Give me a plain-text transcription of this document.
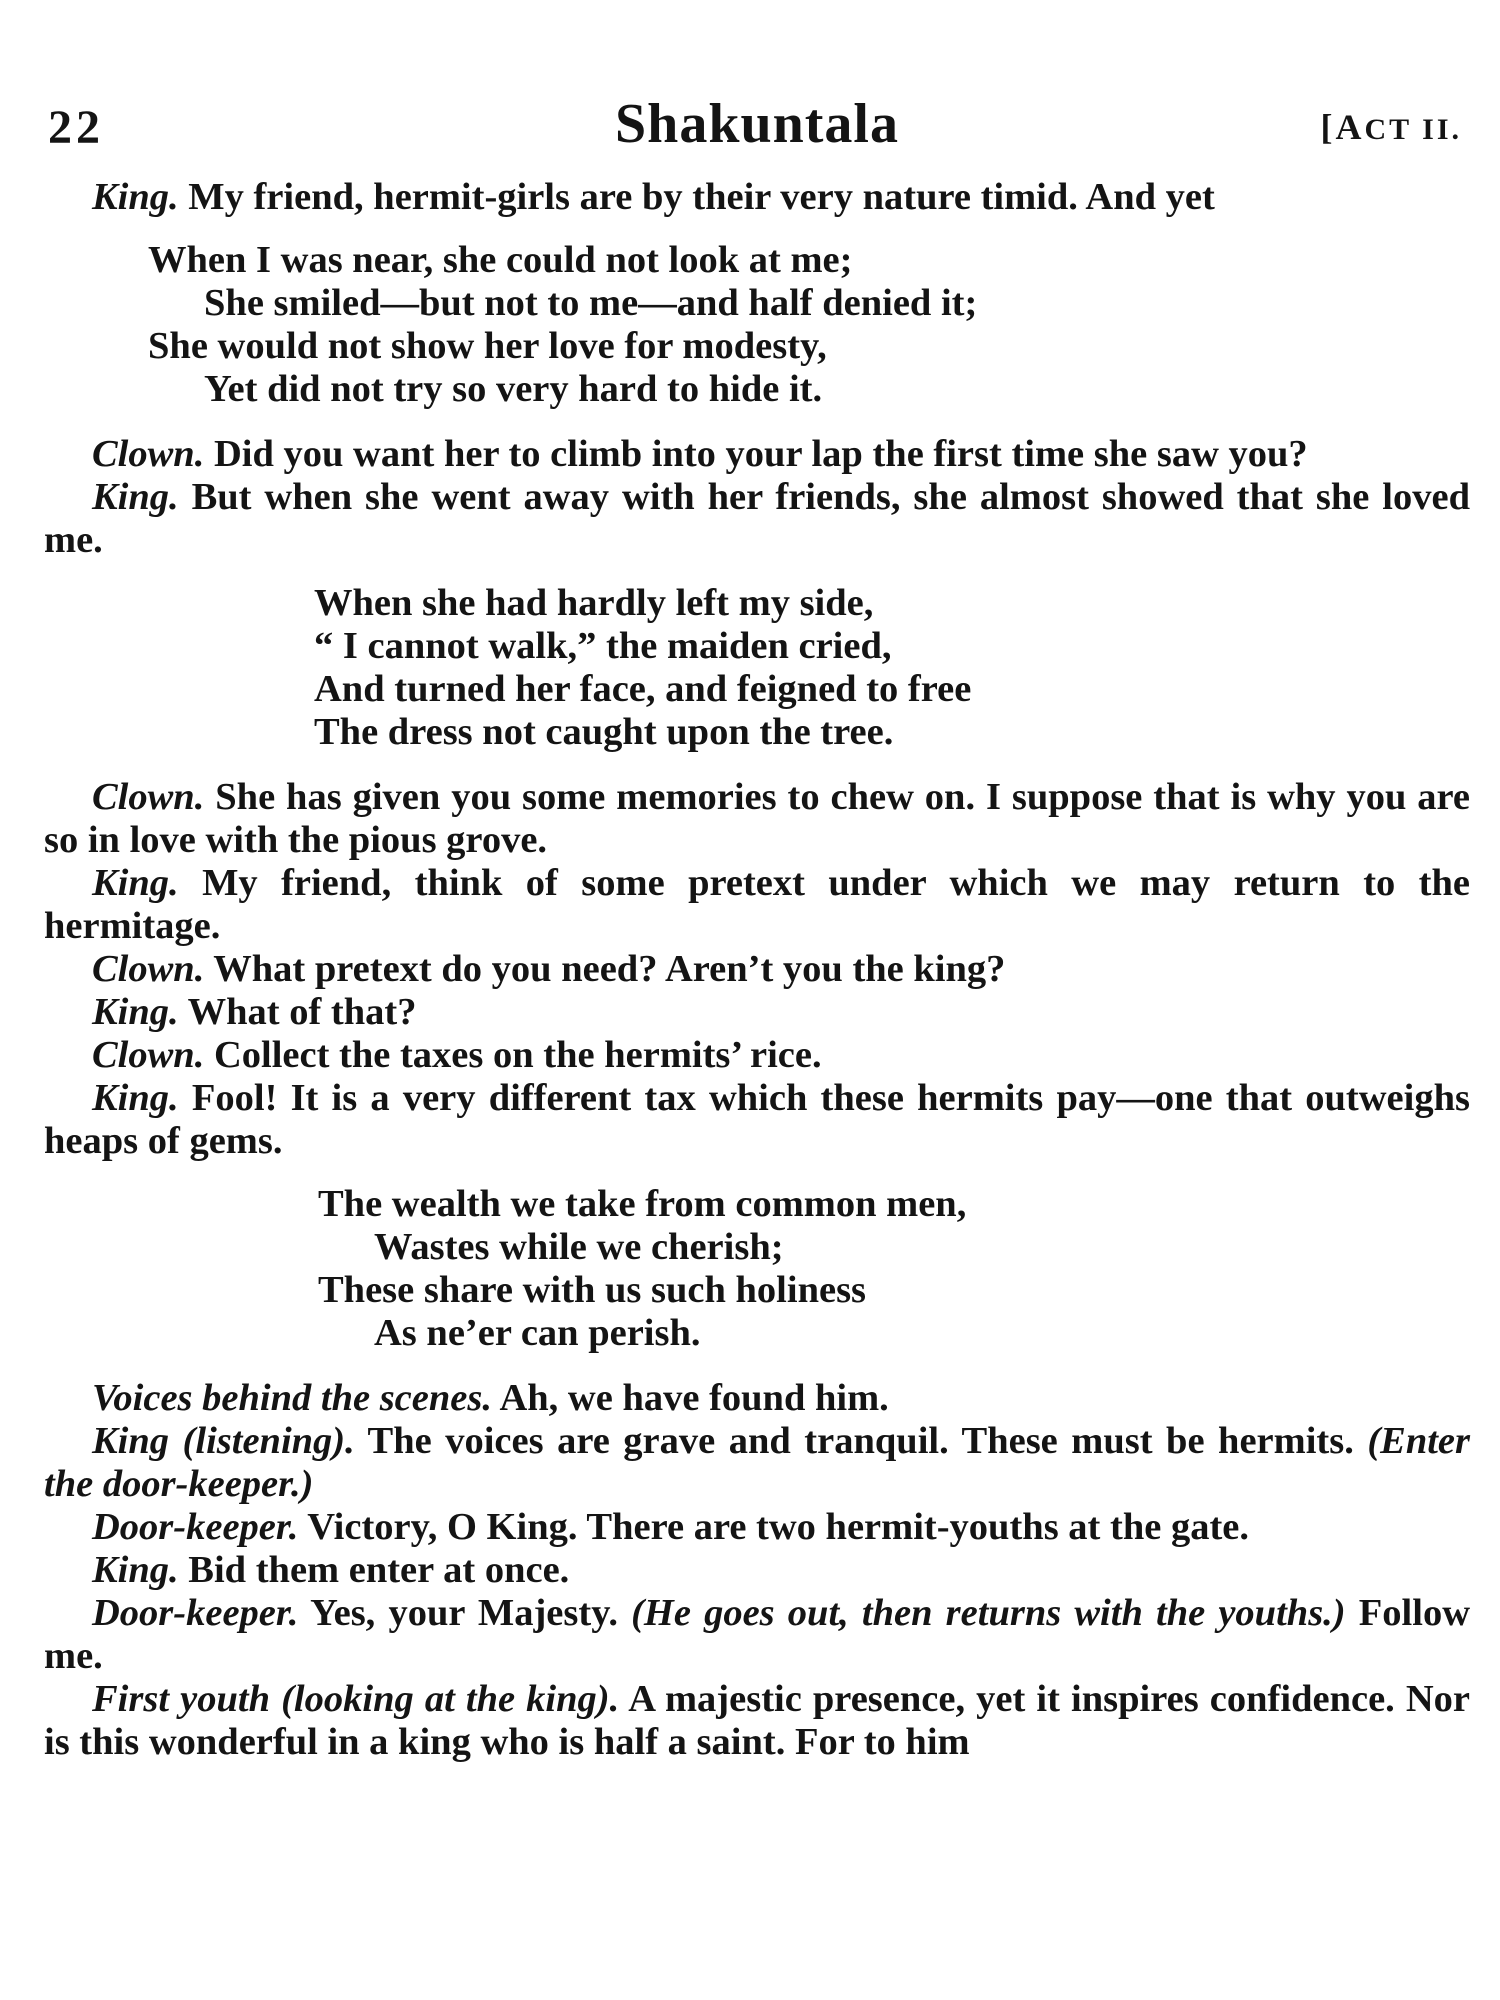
22	Shakuntala	[ACT II.

King. My friend, hermit-girls are by their very nature timid. And yet

When I was near, she could not look at me;
She smiled—but not to me—and half denied it;
She would not show her love for modesty,
Yet did not try so very hard to hide it.

Clown. Did you want her to climb into your lap the first time she saw you?

King. But when she went away with her friends, she almost showed that she loved me.

When she had hardly left my side,
“ I cannot walk,” the maiden cried,
And turned her face, and feigned to free
The dress not caught upon the tree.

Clown. She has given you some memories to chew on. I suppose that is why you are so in love with the pious grove.

King. My friend, think of some pretext under which we may return to the hermitage.

Clown. What pretext do you need? Aren’t you the king?

King. What of that?

Clown. Collect the taxes on the hermits’ rice.

King. Fool! It is a very different tax which these hermits pay—one that outweighs heaps of gems.

The wealth we take from common men,
Wastes while we cherish;
These share with us such holiness
As ne’er can perish.

Voices behind the scenes. Ah, we have found him.

King (listening). The voices are grave and tranquil. These must be hermits. (Enter the door-keeper.)

Door-keeper. Victory, O King. There are two hermit-youths at the gate.

King. Bid them enter at once.

Door-keeper. Yes, your Majesty. (He goes out, then returns with the youths.) Follow me.

First youth (looking at the king). A majestic presence, yet it inspires confidence. Nor is this wonderful in a king who is half a saint. For to him
